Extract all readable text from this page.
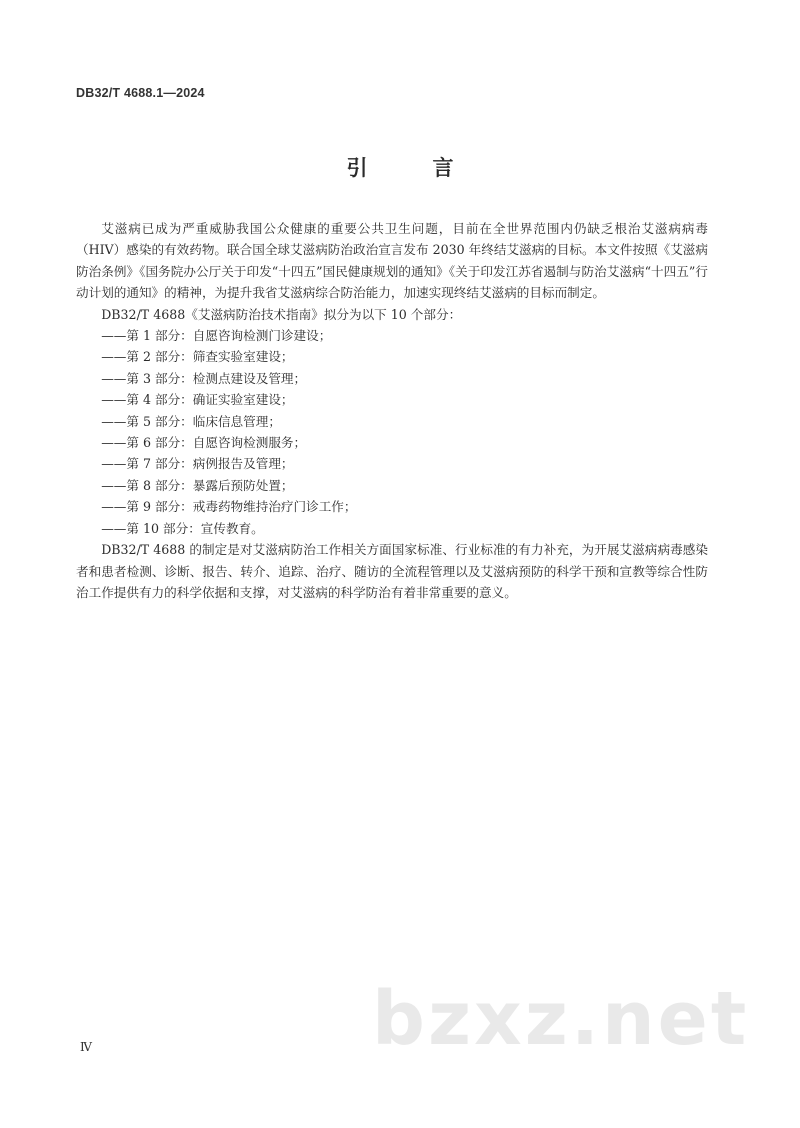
DB32/T 4688.1—2024
引　言

艾滋病已成为严重威胁我国公众健康的重要公共卫生问题，目前在全世界范围内仍缺乏根治艾滋病病毒（HIV）感染的有效药物。联合国全球艾滋病防治政治宣言发布 2030 年终结艾滋病的目标。本文件按照《艾滋病防治条例》《国务院办公厅关于印发“十四五”国民健康规划的通知》《关于印发江苏省遏制与防治艾滋病“十四五”行动计划的通知》的精神，为提升我省艾滋病综合防治能力，加速实现终结艾滋病的目标而制定。

DB32/T 4688《艾滋病防治技术指南》拟分为以下 10 个部分：

——第 1 部分：自愿咨询检测门诊建设；
——第 2 部分：筛查实验室建设；
——第 3 部分：检测点建设及管理；
——第 4 部分：确证实验室建设；
——第 5 部分：临床信息管理；
——第 6 部分：自愿咨询检测服务；
——第 7 部分：病例报告及管理；
——第 8 部分：暴露后预防处置；
——第 9 部分：戒毒药物维持治疗门诊工作；
——第 10 部分：宣传教育。

DB32/T 4688 的制定是对艾滋病防治工作相关方面国家标准、行业标准的有力补充，为开展艾滋病病毒感染者和患者检测、诊断、报告、转介、追踪、治疗、随访的全流程管理以及艾滋病预防的科学干预和宣教等综合性防治工作提供有力的科学依据和支撑，对艾滋病的科学防治有着非常重要的意义。

Ⅳ	bzxz.net
